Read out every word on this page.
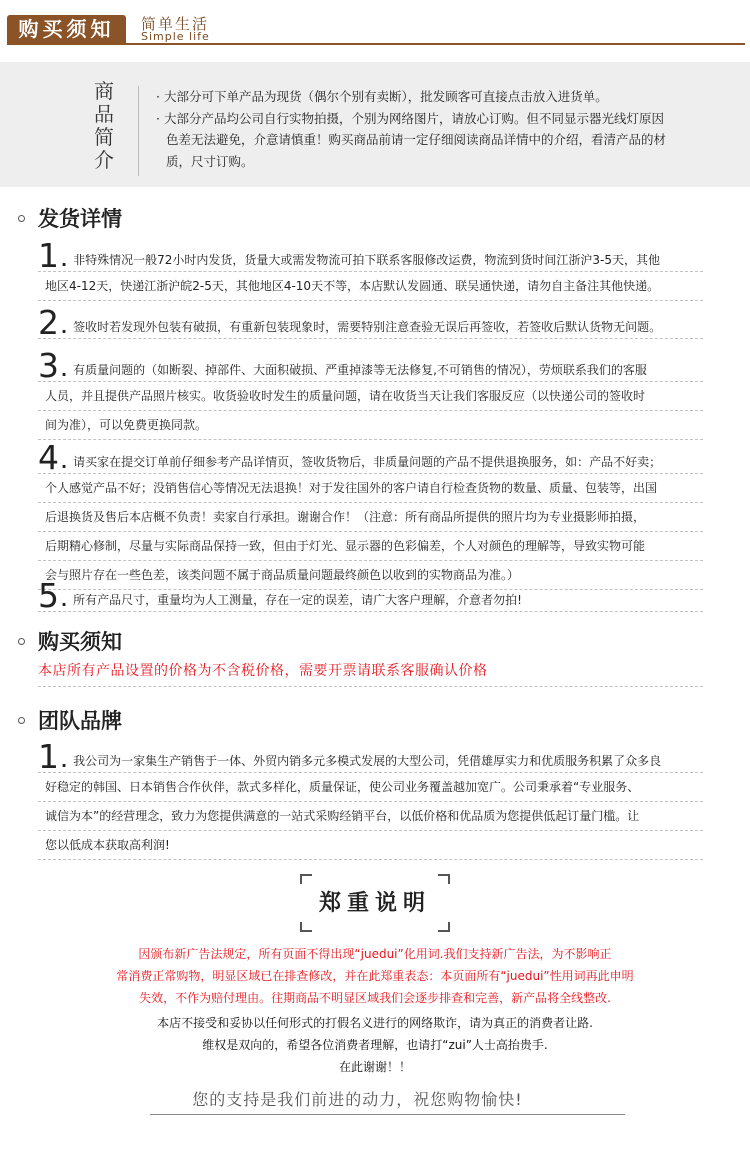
购买须知	简单生活
Simple life
商
品
简
介

· 大部分可下单产品为现货（偶尔个别有卖断），批发顾客可直接点击放入进货单。

· 大部分产品均公司自行实物拍摄，个别为网络图片，请放心订购。但不同显示器光线灯原因色差无法避免，介意请慎重！购买商品前请一定仔细阅读商品详情中的介绍，看清产品的材质，尺寸订购。

发货详情
1 . 非特殊情况一般72小时内发货，货量大或需发物流可拍下联系客服修改运费，物流到货时间江浙沪3-5天，其他
地区4-12天，快递江浙沪皖2-5天，其他地区4-10天不等，本店默认发圆通、联吴通快递，请勿自主备注其他快递。
2 . 签收时若发现外包装有破损，有重新包装现象时，需要特别注意查验无误后再签收，若签收后默认货物无问题。
3 . 有质量问题的（如断裂、掉部件、大面积破损、严重掉漆等无法修复,不可销售的情况），劳烦联系我们的客服
人员，并且提供产品照片核实。收货验收时发生的质量问题，请在收货当天让我们客服反应（以快递公司的签收时
间为准），可以免费更换同款。
4 . 请买家在提交订单前仔细参考产品详情页，签收货物后，非质量问题的产品不提供退换服务，如：产品不好卖；
个人感觉产品不好；没销售信心等情况无法退换！对于发往国外的客户请自行检查货物的数量、质量、包装等，出国
后退换货及售后本店概不负责！卖家自行承担。谢谢合作！（注意：所有商品所提供的照片均为专业摄影师拍摄，
后期精心修制，尽量与实际商品保持一致，但由于灯光、显示器的色彩偏差，个人对颜色的理解等，导致实物可能
会与照片存在一些色差，该类问题不属于商品质量问题最终颜色以收到的实物商品为准。）
5 . 所有产品尺寸，重量均为人工测量，存在一定的误差，请广大客户理解，介意者勿拍!
购买须知
本店所有产品设置的价格为不含税价格，需要开票请联系客服确认价格
团队品牌
1 . 我公司为一家集生产销售于一体、外贸内销多元多模式发展的大型公司，凭借雄厚实力和优质服务积累了众多良
好稳定的韩国、日本销售合作伙伴，款式多样化，质量保证，使公司业务覆盖越加宽广。公司秉承着“专业服务、
诚信为本”的经营理念，致力为您提供满意的一站式采购经销平台，以低价格和优品质为您提供低起订量门槛。让
您以低成本获取高利润!
郑重说明
因颁布新广告法规定，所有页面不得出现“juedui”化用词.我们支持新广告法，为不影响正
常消费正常购物，明显区域已在排查修改，并在此郑重表态：本页面所有“juedui”性用词再此申明
失效，不作为赔付理由。往期商品不明显区域我们会逐步排查和完善，新产品将全线整改.
本店不接受和妥协以任何形式的打假名义进行的网络欺诈，请为真正的消费者让路.
维权是双向的，希望各位消费者理解，也请打“zui”人士高抬贵手.
在此谢谢！！
您的支持是我们前进的动力，祝您购物愉快!
